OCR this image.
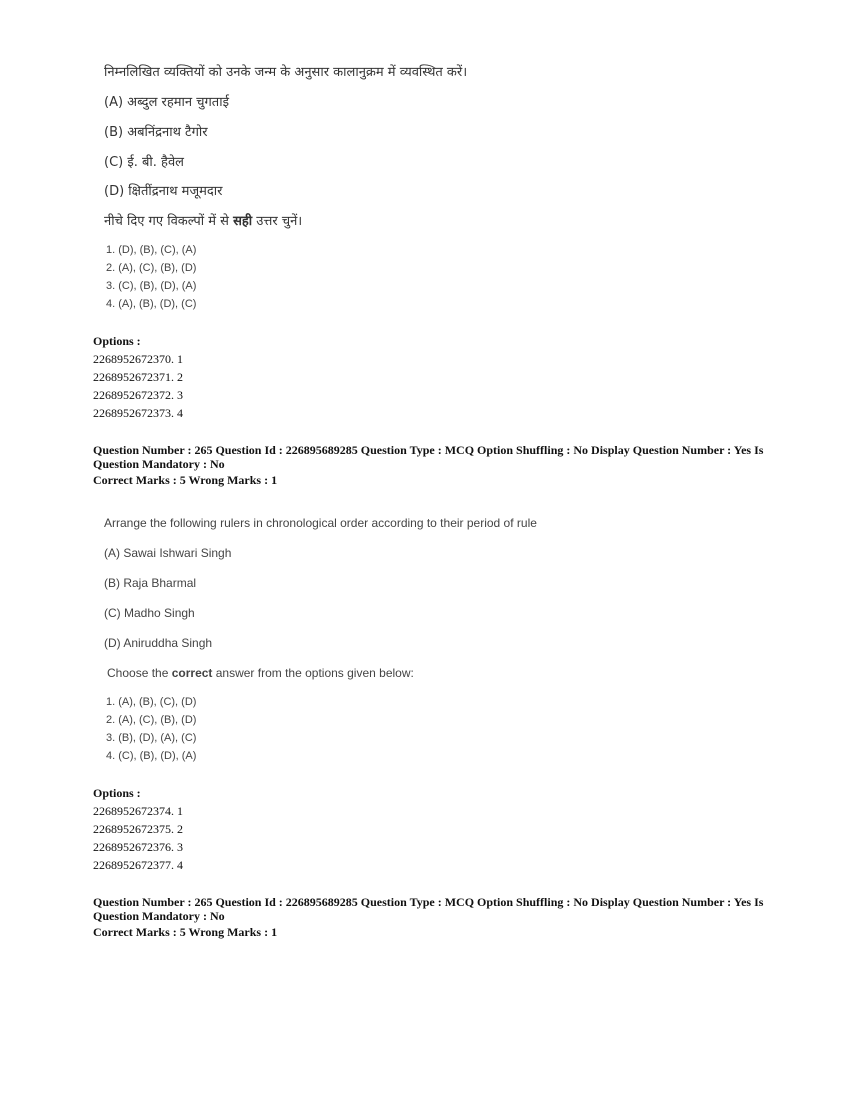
निम्नलिखित व्यक्तियों को उनके जन्म के अनुसार कालानुक्रम में व्यवस्थित करें।
(A) अब्दुल रहमान चुगताई
(B) अबनिंद्रनाथ टैगोर
(C) ई. बी. हैवेल
(D) क्षितींद्रनाथ मजूमदार
नीचे दिए गए विकल्पों में से सही उत्तर चुनें।
1. (D), (B), (C), (A)
2. (A), (C), (B), (D)
3. (C), (B), (D), (A)
4. (A), (B), (D), (C)
Options :
2268952672370. 1
2268952672371. 2
2268952672372. 3
2268952672373. 4
Question Number : 265 Question Id : 226895689285 Question Type : MCQ Option Shuffling : No Display Question Number : Yes Is Question Mandatory : No
Correct Marks : 5 Wrong Marks : 1
Arrange the following rulers in chronological order according to their period of rule
(A) Sawai Ishwari Singh
(B) Raja Bharmal
(C) Madho Singh
(D) Aniruddha Singh
Choose the correct answer from the options given below:
1. (A), (B), (C), (D)
2. (A), (C), (B), (D)
3. (B), (D), (A), (C)
4. (C), (B), (D), (A)
Options :
2268952672374. 1
2268952672375. 2
2268952672376. 3
2268952672377. 4
Question Number : 265 Question Id : 226895689285 Question Type : MCQ Option Shuffling : No Display Question Number : Yes Is Question Mandatory : No
Correct Marks : 5 Wrong Marks : 1
